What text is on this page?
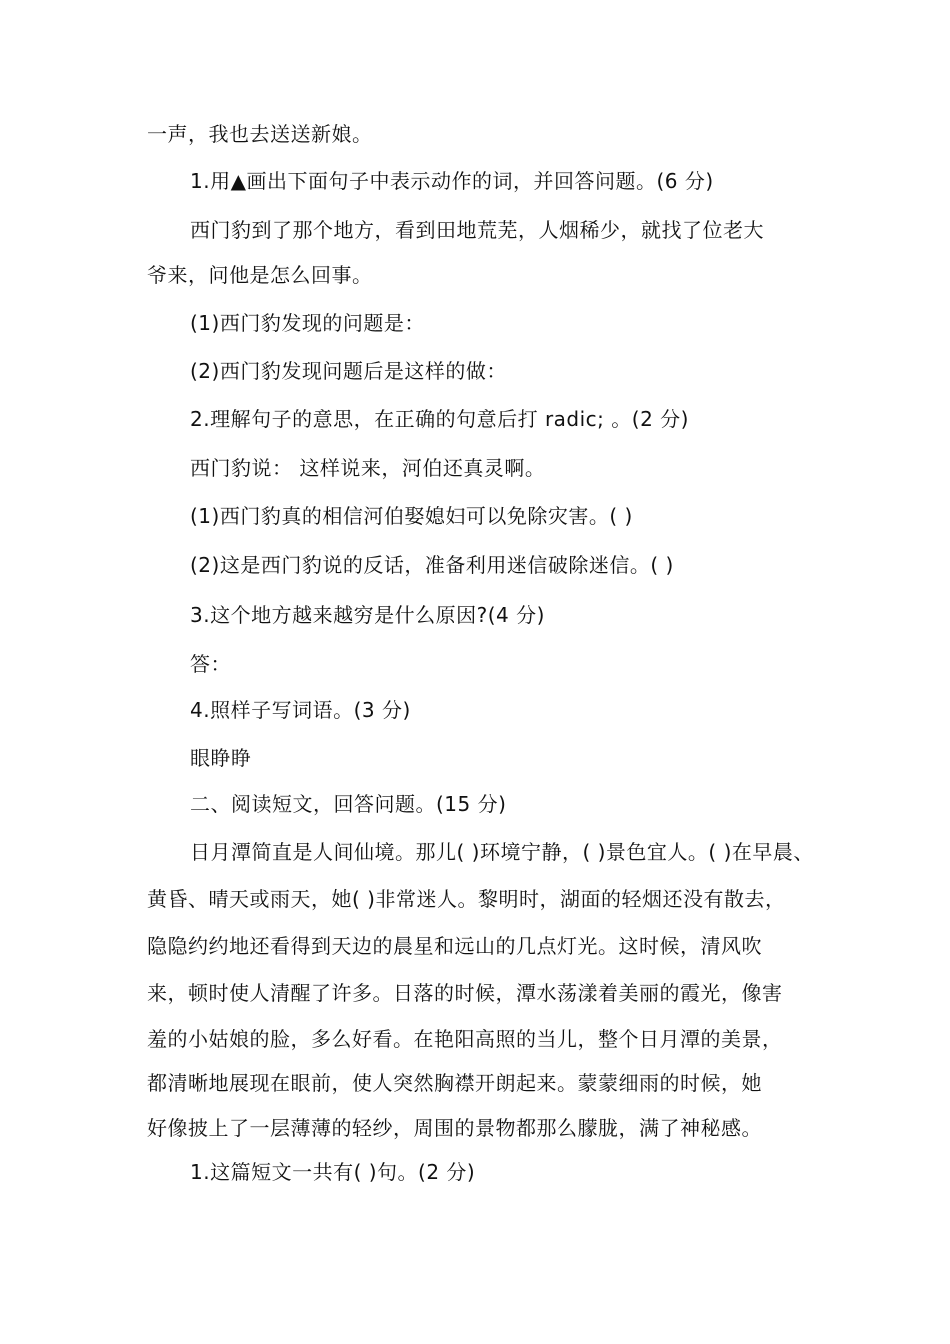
一声，我也去送送新娘。
1.用▲画出下面句子中表示动作的词，并回答问题。(6 分)
西门豹到了那个地方，看到田地荒芜，人烟稀少，就找了位老大
爷来，问他是怎么回事。
(1)西门豹发现的问题是：
(2)西门豹发现问题后是这样的做：
2.理解句子的意思，在正确的句意后打 radic; 。(2 分)
西门豹说： 这样说来，河伯还真灵啊。
(1)西门豹真的相信河伯娶媳妇可以免除灾害。( )
(2)这是西门豹说的反话，准备利用迷信破除迷信。( )
3.这个地方越来越穷是什么原因?(4 分)
答：
4.照样子写词语。(3 分)
眼睁睁
二、阅读短文，回答问题。(15 分)
日月潭简直是人间仙境。那儿( )环境宁静，( )景色宜人。( )在早晨、
黄昏、晴天或雨天，她( )非常迷人。黎明时，湖面的轻烟还没有散去，
隐隐约约地还看得到天边的晨星和远山的几点灯光。这时候，清风吹
来，顿时使人清醒了许多。日落的时候，潭水荡漾着美丽的霞光，像害
羞的小姑娘的脸，多么好看。在艳阳高照的当儿，整个日月潭的美景，
都清晰地展现在眼前，使人突然胸襟开朗起来。蒙蒙细雨的时候，她
好像披上了一层薄薄的轻纱，周围的景物都那么朦胧，满了神秘感。
1.这篇短文一共有( )句。(2 分)
